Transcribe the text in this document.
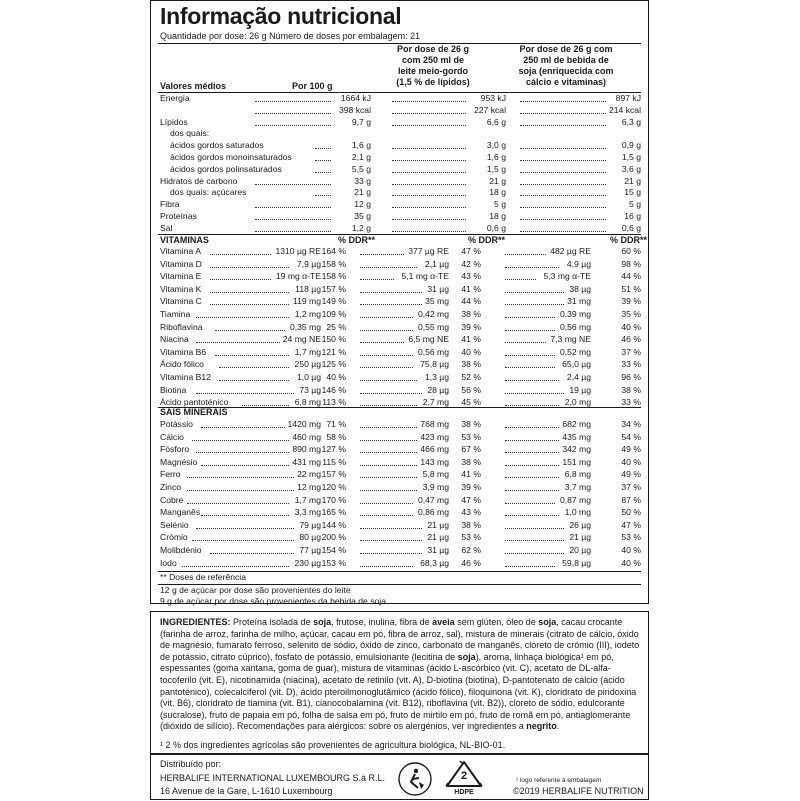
Informação nutricional
Quantidade por dose: 26 g Número de doses por embalagem: 21
Por dose de 26 g
com 250 ml de
leite meio-gordo
(1,5 % de lípidos)
Por dose de 26 g com
250 ml de bebida de
soja (enriquecida com
cálcio e vitaminas)
Valores médios	Por 100 g
Energia	1664 kJ	953 kJ	897 kJ
398 kcal	227 kcal	214 kcal
Lípidos	9,7 g	6,6 g	6,3 g
dos quais:
ácidos gordos saturados	1,6 g	3,0 g	0,9 g
ácidos gordos monoinsaturados	2,1 g	1,6 g	1,5 g
ácidos gordos polinsaturados	5,5 g	1,5 g	3,6 g
Hidratos de carbono	33 g	21 g	21 g
dos quais: açúcares	21 g	18 g	15 g
Fibra	12 g	5 g	5 g
Proteínas	35 g	18 g	16 g
Sal	1,2 g	0,6 g	0,6 g
VITAMINAS	% DDR**	% DDR**	% DDR**
Vitamina A	1310 µg RE 164 %	377 µg RE 47 %	482 µg RE	60 %
Vitamina D	7,9 µg 158 %	2,1 µg 42 %	4,9 µg	98 %
Vitamina E	19 mg α-TE 158 %	5,1 mg α-TE 43 %	5,3 mg α-TE	44 %
Vitamina K	118 µg 157 %	31 µg 41 %	38 µg	51 %
Vitamina C	119 mg 149 %	35 mg 44 %	31 mg	39 %
Tiamina	1,2 mg 109 %	0,42 mg 38 %	0,39 mg	35 %
Riboflavina	0,35 mg 25 %	0,55 mg 39 %	0,56 mg	40 %
Niacina	24 mg NE 150 %	6,5 mg NE 41 %	7,3 mg NE	46 %
Vitamina B6	1,7 mg 121 %	0,56 mg 40 %	0,52 mg	37 %
Ácido fólico	250 µg 125 %	75,8 µg 38 %	65,0 µg	33 %
Vitamina B12	1,0 µg 40 %	1,3 µg 52 %	2,4 µg	96 %
Biotina	73 µg 146 %	28 µg 56 %	19 µg	38 %
Ácido pantoténico	6,8 mg 113 %	2,7 mg 45 %	2,0 mg	33 %
SAIS MINERAIS
Potássio	1420 mg 71 %	768 mg 38 %	682 mg	34 %
Cálcio	460 mg 58 %	423 mg 53 %	435 mg	54 %
Fósforo	890 mg 127 %	466 mg 67 %	342 mg	49 %
Magnésio	431 mg 115 %	143 mg 38 %	151 mg	40 %
Ferro	22 mg 157 %	5,8 mg 41 %	6,8 mg	49 %
Zinco	12 mg 120 %	3,9 mg 39 %	3,7 mg	37 %
Cobre	1,7 mg 170 %	0,47 mg 47 %	0,87 mg	87 %
Manganês	3,3 mg 165 %	0,86 mg 43 %	1,0 mg	50 %
Selénio	79 µg 144 %	21 µg 38 %	26 µg	47 %
Crómio	80 µg 200 %	21 µg 53 %	21 µg	53 %
Molibdénio	77 µg 154 %	31 µg 62 %	20 µg	40 %
Iodo	230 µg 153 %	68,3 µg 46 %	59,8 µg	40 %
** Doses de referência
12 g de açúcar por dose são provenientes do leite
9 g de açúcar por dose são provenientes da bebida de soja
INGREDIENTES: Proteína isolada de soja, frutose, inulina, fibra de aveia sem glúten, óleo de soja, cacau crocante (farinha de arroz, farinha de milho, açúcar, cacau em pó, fibra de arroz, sal), mistura de minerais (citrato de cálcio, óxido de magnésio, fumarato ferroso, selenito de sódio, óxido de zinco, carbonato de manganês, cloreto de crómio (III), iodeto de potássio, citrato cúprico), fosfato de potássio, emulsionante (lecitina de soja), aroma, linhaça biológica¹ em pó, espessantes (goma xantana, goma de guar), mistura de vitaminas (ácido L-ascórbico (vit. C), acetato de DL-alfa-tocoferilo (vit. E), nicotinamida (niacina), acetato de retinilo (vit. A), D-biotina (biotina), D-pantotenato de cálcio (ácido pantoténico), colecalciferol (vit. D), ácido pteroilmonoglutâmico (ácido fólico), filoquinona (vit. K), cloridrato de piridoxina (vit. B6), cloridrato de tiamina (vit. B1), cianocobalamina (vit. B12), riboflavina (vit. B2)), cloreto de sódio, edulcorante (sucralose), fruto de papaia em pó, folha de salsa em pó, fruto de mirtilo em pó, fruto de romã em pó, antiaglomerante (dióxido de silício). Recomendações para alérgicos: sobre os alergénios, ver ingredientes a negrito.
¹ 2 % dos ingredientes agrícolas são provenientes de agricultura biológica, NL-BIO-01.
Distribuído por:
HERBALIFE INTERNATIONAL LUXEMBOURG S.à R.L.
16 Avenue de la Gare, L-1610 Luxembourg
2
HDPE
¹ logo referente à embalagem
©2019 HERBALIFE NUTRITION
